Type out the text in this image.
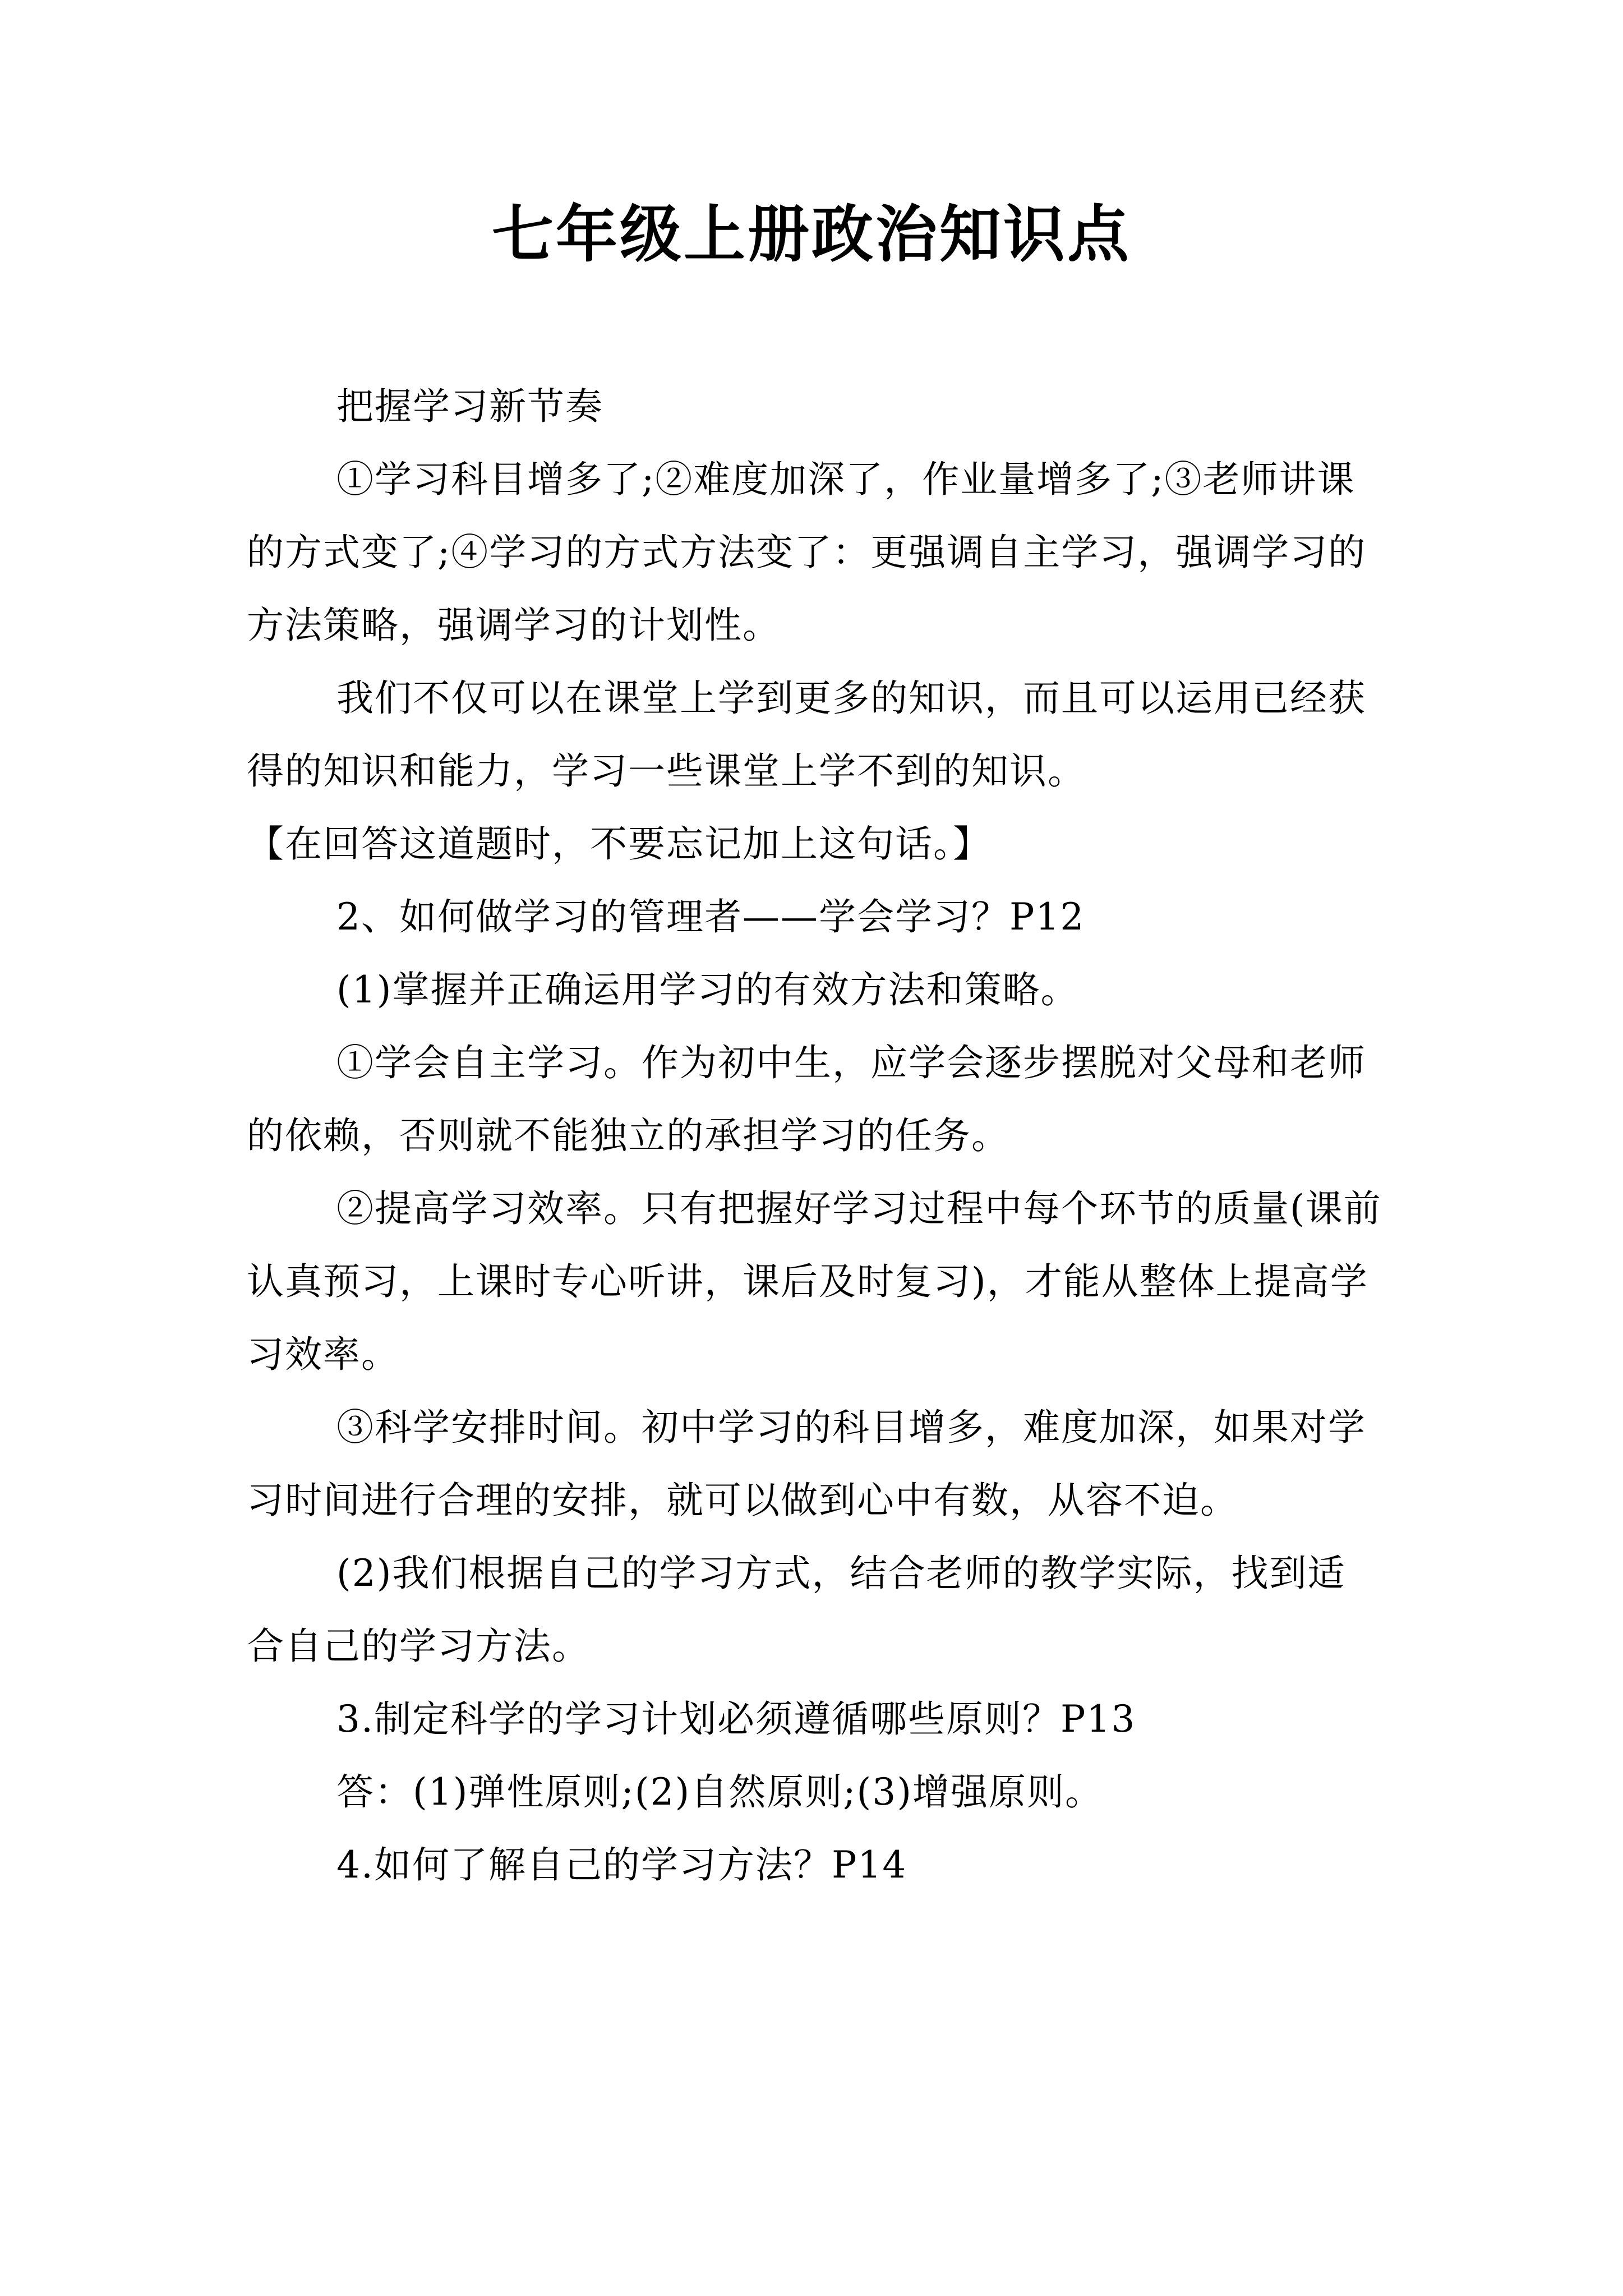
七年级上册政治知识点

把握学习新节奏

①学习科目增多了;②难度加深了，作业量增多了;③老师讲课的方式变了;④学习的方式方法变了：更强调自主学习，强调学习的方法策略，强调学习的计划性。

我们不仅可以在课堂上学到更多的知识，而且可以运用已经获得的知识和能力，学习一些课堂上学不到的知识。

【在回答这道题时，不要忘记加上这句话。】

2、如何做学习的管理者——学会学习？P12

(1)掌握并正确运用学习的有效方法和策略。

①学会自主学习。作为初中生，应学会逐步摆脱对父母和老师的依赖，否则就不能独立的承担学习的任务。

②提高学习效率。只有把握好学习过程中每个环节的质量(课前认真预习，上课时专心听讲，课后及时复习)，才能从整体上提高学习效率。

③科学安排时间。初中学习的科目增多，难度加深，如果对学习时间进行合理的安排，就可以做到心中有数，从容不迫。

(2)我们根据自己的学习方式，结合老师的教学实际，找到适合自己的学习方法。

3.制定科学的学习计划必须遵循哪些原则？P13

答：(1)弹性原则;(2)自然原则;(3)增强原则。

4.如何了解自己的学习方法？P14
